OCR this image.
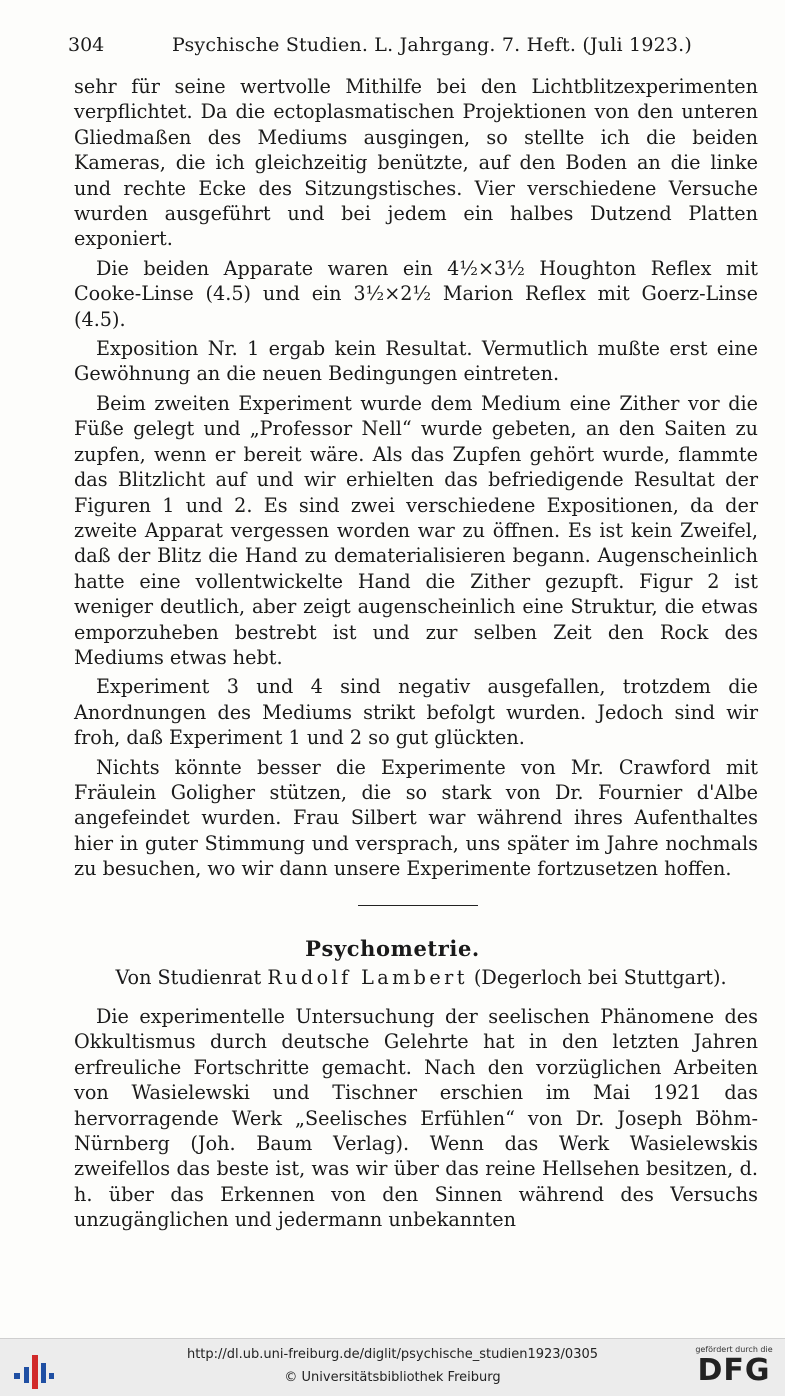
304	Psychische Studien. L. Jahrgang. 7. Heft. (Juli 1923.)

sehr für seine wertvolle Mithilfe bei den Lichtblitzexperimenten verpflichtet. Da die ectoplasmatischen Projektionen von den unteren Gliedmaßen des Mediums ausgingen, so stellte ich die beiden Kameras, die ich gleichzeitig benützte, auf den Boden an die linke und rechte Ecke des Sitzungstisches. Vier verschiedene Versuche wurden ausgeführt und bei jedem ein halbes Dutzend Platten exponiert.

Die beiden Apparate waren ein 4½×3½ Houghton Reflex mit Cooke-Linse (4.5) und ein 3½×2½ Marion Reflex mit Goerz-Linse (4.5).

Exposition Nr. 1 ergab kein Resultat. Vermutlich mußte erst eine Gewöhnung an die neuen Bedingungen eintreten.

Beim zweiten Experiment wurde dem Medium eine Zither vor die Füße gelegt und „Professor Nell“ wurde gebeten, an den Saiten zu zupfen, wenn er bereit wäre. Als das Zupfen gehört wurde, flammte das Blitzlicht auf und wir erhielten das befriedigende Resultat der Figuren 1 und 2. Es sind zwei verschiedene Expositionen, da der zweite Apparat vergessen worden war zu öffnen. Es ist kein Zweifel, daß der Blitz die Hand zu dematerialisieren begann. Augenscheinlich hatte eine vollentwickelte Hand die Zither gezupft. Figur 2 ist weniger deutlich, aber zeigt augenscheinlich eine Struktur, die etwas emporzuheben bestrebt ist und zur selben Zeit den Rock des Mediums etwas hebt.

Experiment 3 und 4 sind negativ ausgefallen, trotzdem die Anordnungen des Mediums strikt befolgt wurden. Jedoch sind wir froh, daß Experiment 1 und 2 so gut glückten.

Nichts könnte besser die Experimente von Mr. Crawford mit Fräulein Goligher stützen, die so stark von Dr. Fournier d'Albe angefeindet wurden. Frau Silbert war während ihres Aufenthaltes hier in guter Stimmung und versprach, uns später im Jahre nochmals zu besuchen, wo wir dann unsere Experimente fortzusetzen hoffen.

Psychometrie.
Von Studienrat Rudolf Lambert (Degerloch bei Stuttgart).

Die experimentelle Untersuchung der seelischen Phänomene des Okkultismus durch deutsche Gelehrte hat in den letzten Jahren erfreuliche Fortschritte gemacht. Nach den vorzüglichen Arbeiten von Wasielewski und Tischner erschien im Mai 1921 das hervorragende Werk „Seelisches Erfühlen“ von Dr. Joseph Böhm-Nürnberg (Joh. Baum Verlag). Wenn das Werk Wasielewskis zweifellos das beste ist, was wir über das reine Hellsehen besitzen, d. h. über das Erkennen von den Sinnen während des Versuchs unzugänglichen und jedermann unbekannten

http://dl.ub.uni-freiburg.de/diglit/psychische_studien1923/0305
© Universitätsbibliothek Freiburg
gefördert durch die
DFG
